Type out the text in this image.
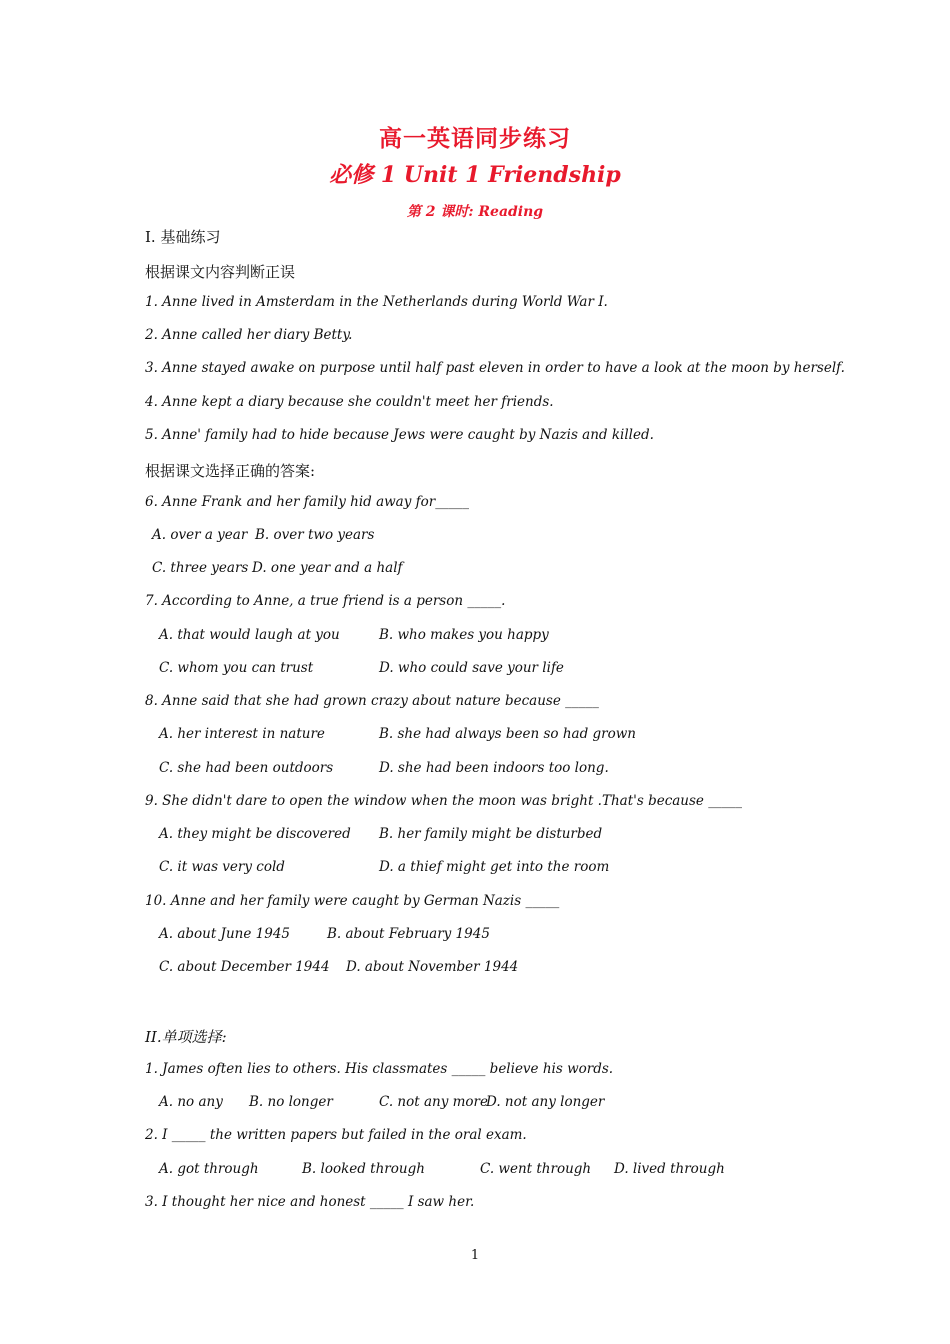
高一英语同步练习
必修 1 Unit 1 Friendship
第 2 课时: Reading
I. 基础练习
根据课文内容判断正误
1. Anne lived in Amsterdam in the Netherlands during World War I.
2. Anne called her diary Betty.
3. Anne stayed awake on purpose until half past eleven in order to have a look at the moon by herself.
4. Anne kept a diary because she couldn't meet her friends.
5. Anne' family had to hide because Jews were caught by Nazis and killed.
根据课文选择正确的答案:
6. Anne Frank and her family hid away for_____
A. over a year B. over two years
C. three years D. one year and a half
7. According to Anne, a true friend is a person _____.
A. that would laugh at you	B. who makes you happy
C. whom you can trust	D. who could save your life
8. Anne said that she had grown crazy about nature because _____
A. her interest in nature	B. she had always been so had grown
C. she had been outdoors	D. she had been indoors too long.
9. She didn't dare to open the window when the moon was bright .That's because _____
A. they might be discovered B. her family might be disturbed
C. it was very cold	D. a thief might get into the room
10. Anne and her family were caught by German Nazis _____
A. about June 1945	B. about February 1945
C. about December 1944 D. about November 1944
II.单项选择:
1. James often lies to others. His classmates _____ believe his words.
A. no any B. no longer	C. not any more
D. not any longer
2. I _____ the written papers but failed in the oral exam.
A. got through	B. looked through	C. went through D. lived through
3. I thought her nice and honest _____ I saw her.
1
